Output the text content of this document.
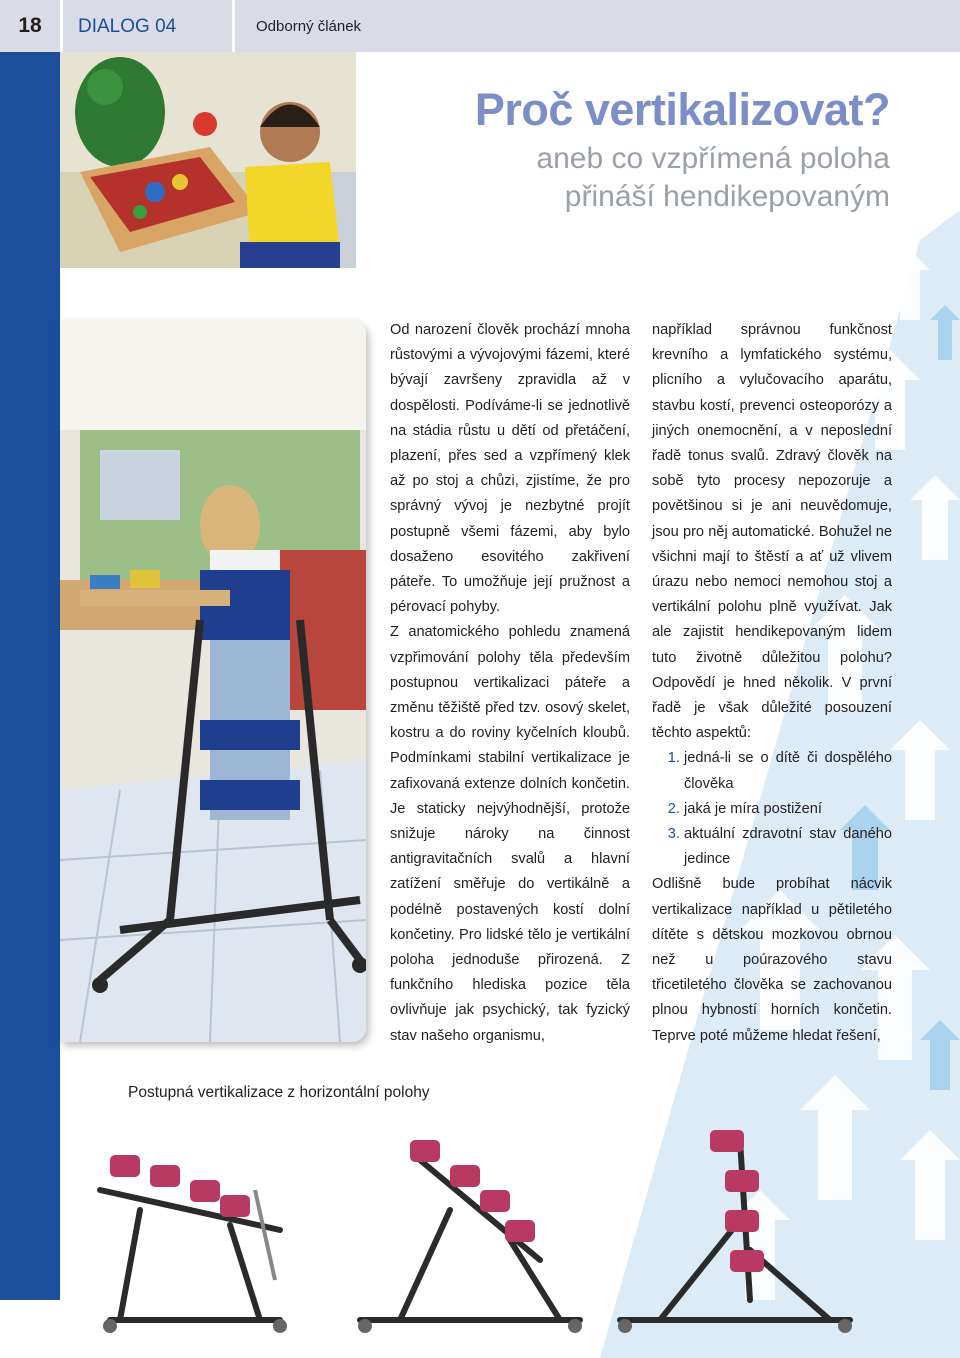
18	DIALOG 04	Odborný článek
Proč vertikalizovat?
aneb co vzpřímená poloha
přináší hendikepovaným

Od narození člověk prochází mnoha růstovými a vývojovými fázemi, které bývají završeny zpravidla až v dospělosti. Podíváme-li se jednotlivě na stádia růstu u dětí od přetáčení, plazení, přes sed a vzpřímený klek až po stoj a chůzi, zjistíme, že pro správný vývoj je nezbytné projít postupně všemi fázemi, aby bylo dosaženo esovitého zakřivení páteře. To umožňuje její pružnost a pérovací pohyby.

Z anatomického pohledu znamená vzpřimování polohy těla především postupnou vertikalizaci páteře a změnu těžiště před tzv. osový skelet, kostru a do roviny kyčelních kloubů. Podmínkami stabilní vertikalizace je zafixovaná extenze dolních končetin. Je staticky nejvýhodnější, protože snižuje nároky na činnost antigravitačních svalů a hlavní zatížení směřuje do vertikálně a podélně postavených kostí dolní končetiny. Pro lidské tělo je vertikální poloha jednoduše přirozená. Z funkčního hlediska pozice těla ovlivňuje jak psychický, tak fyzický stav našeho organismu,

například správnou funkčnost krevního a lymfatického systému, plicního a vylučovacího aparátu, stavbu kostí, prevenci osteoporózy a jiných onemocnění, a v neposlední řadě tonus svalů. Zdravý člověk na sobě tyto procesy nepozoruje a povětšinou si je ani neuvědomuje, jsou pro něj automatické. Bohužel ne všichni mají to štěstí a ať už vlivem úrazu nebo nemoci nemohou stoj a vertikální polohu plně využívat. Jak ale zajistit hendikepovaným lidem tuto životně důležitou polohu? Odpovědí je hned několik. V první řadě je však důležité posouzení těchto aspektů:

1. jedná-li se o dítě či dospělého člověka
2. jaká je míra postižení
3. aktuální zdravotní stav daného jedince

Odlišně bude probíhat nácvik vertikalizace například u pětiletého dítěte s dětskou mozkovou obrnou než u poúrazového stavu třicetiletého člověka se zachovanou plnou hybností horních končetin. Teprve poté můžeme hledat řešení,

Postupná vertikalizace z horizontální polohy
